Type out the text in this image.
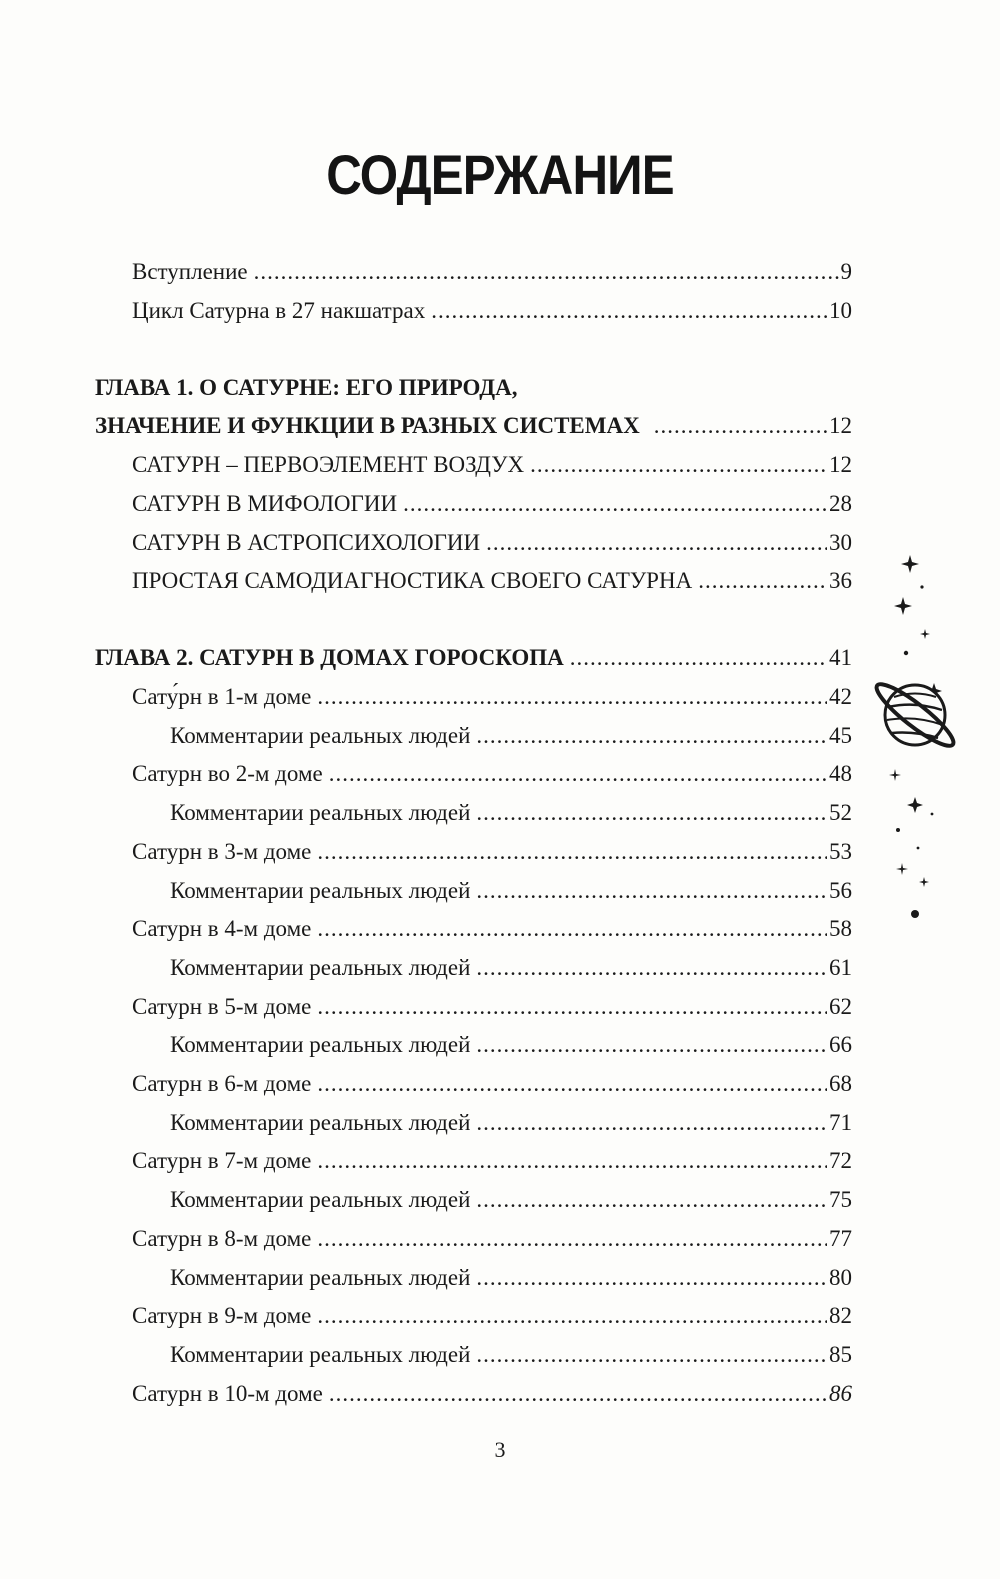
СОДЕРЖАНИЕ
Вступление .....	9
Цикл Сатурна в 27 накшатрах .....	10
ГЛАВА 1. О САТУРНЕ: ЕГО ПРИРОДА,
ЗНАЧЕНИЕ И ФУНКЦИИ В РАЗНЫХ СИСТЕМАХ .....	12
САТУРН – ПЕРВОЭЛЕМЕНТ ВОЗДУХ .....	12
САТУРН В МИФОЛОГИИ .....	28
САТУРН В АСТРОПСИХОЛОГИИ .....	30
ПРОСТАЯ САМОДИАГНОСТИКА СВОЕГО САТУРНА .....	36
ГЛАВА 2. САТУРН В ДОМАХ ГОРОСКОПА .....	41
Сату́рн в 1-м доме .....	42
Комментарии реальных людей .....	45
Сатурн во 2-м доме .....	48
Комментарии реальных людей .....	52
Сатурн в 3-м доме .....	53
Комментарии реальных людей .....	56
Сатурн в 4-м доме .....	58
Комментарии реальных людей .....	61
Сатурн в 5-м доме .....	62
Комментарии реальных людей .....	66
Сатурн в 6-м доме .....	68
Комментарии реальных людей .....	71
Сатурн в 7-м доме .....	72
Комментарии реальных людей .....	75
Сатурн в 8-м доме .....	77
Комментарии реальных людей .....	80
Сатурн в 9-м доме .....	82
Комментарии реальных людей .....	85
Сатурн в 10-м доме .....	86
3
